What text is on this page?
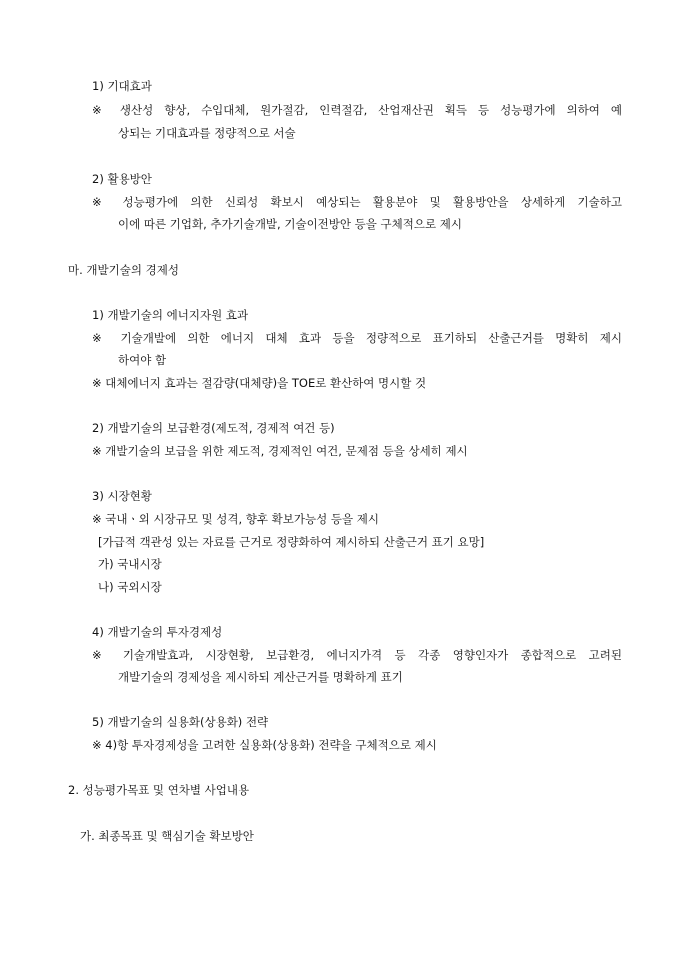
1) 기대효과
※ 생산성 향상, 수입대체, 원가절감, 인력절감, 산업재산권 획득 등 성능평가에 의하여 예
상되는 기대효과를 정량적으로 서술
2) 활용방안
※ 성능평가에 의한 신뢰성 확보시 예상되는 활용분야 및 활용방안을 상세하게 기술하고
이에 따른 기업화, 추가기술개발, 기술이전방안 등을 구체적으로 제시
마. 개발기술의 경제성
1) 개발기술의 에너지자원 효과
※ 기술개발에 의한 에너지 대체 효과 등을 정량적으로 표기하되 산출근거를 명확히 제시
하여야 함
※ 대체에너지 효과는 절감량(대체량)을 TOE로 환산하여 명시할 것
2) 개발기술의 보급환경(제도적, 경제적 여건 등)
※ 개발기술의 보급을 위한 제도적, 경제적인 여건, 문제점 등을 상세히 제시
3) 시장현황
※ 국내ㆍ외 시장규모 및 성격, 향후 확보가능성 등을 제시
[가급적 객관성 있는 자료를 근거로 정량화하여 제시하되 산출근거 표기 요망]
가) 국내시장
나) 국외시장
4) 개발기술의 투자경제성
※ 기술개발효과, 시장현황, 보급환경, 에너지가격 등 각종 영향인자가 종합적으로 고려된
개발기술의 경제성을 제시하되 계산근거를 명확하게 표기
5) 개발기술의 실용화(상용화) 전략
※ 4)항 투자경제성을 고려한 실용화(상용화) 전략을 구체적으로 제시
2. 성능평가목표 및 연차별 사업내용
가. 최종목표 및 핵심기술 확보방안
